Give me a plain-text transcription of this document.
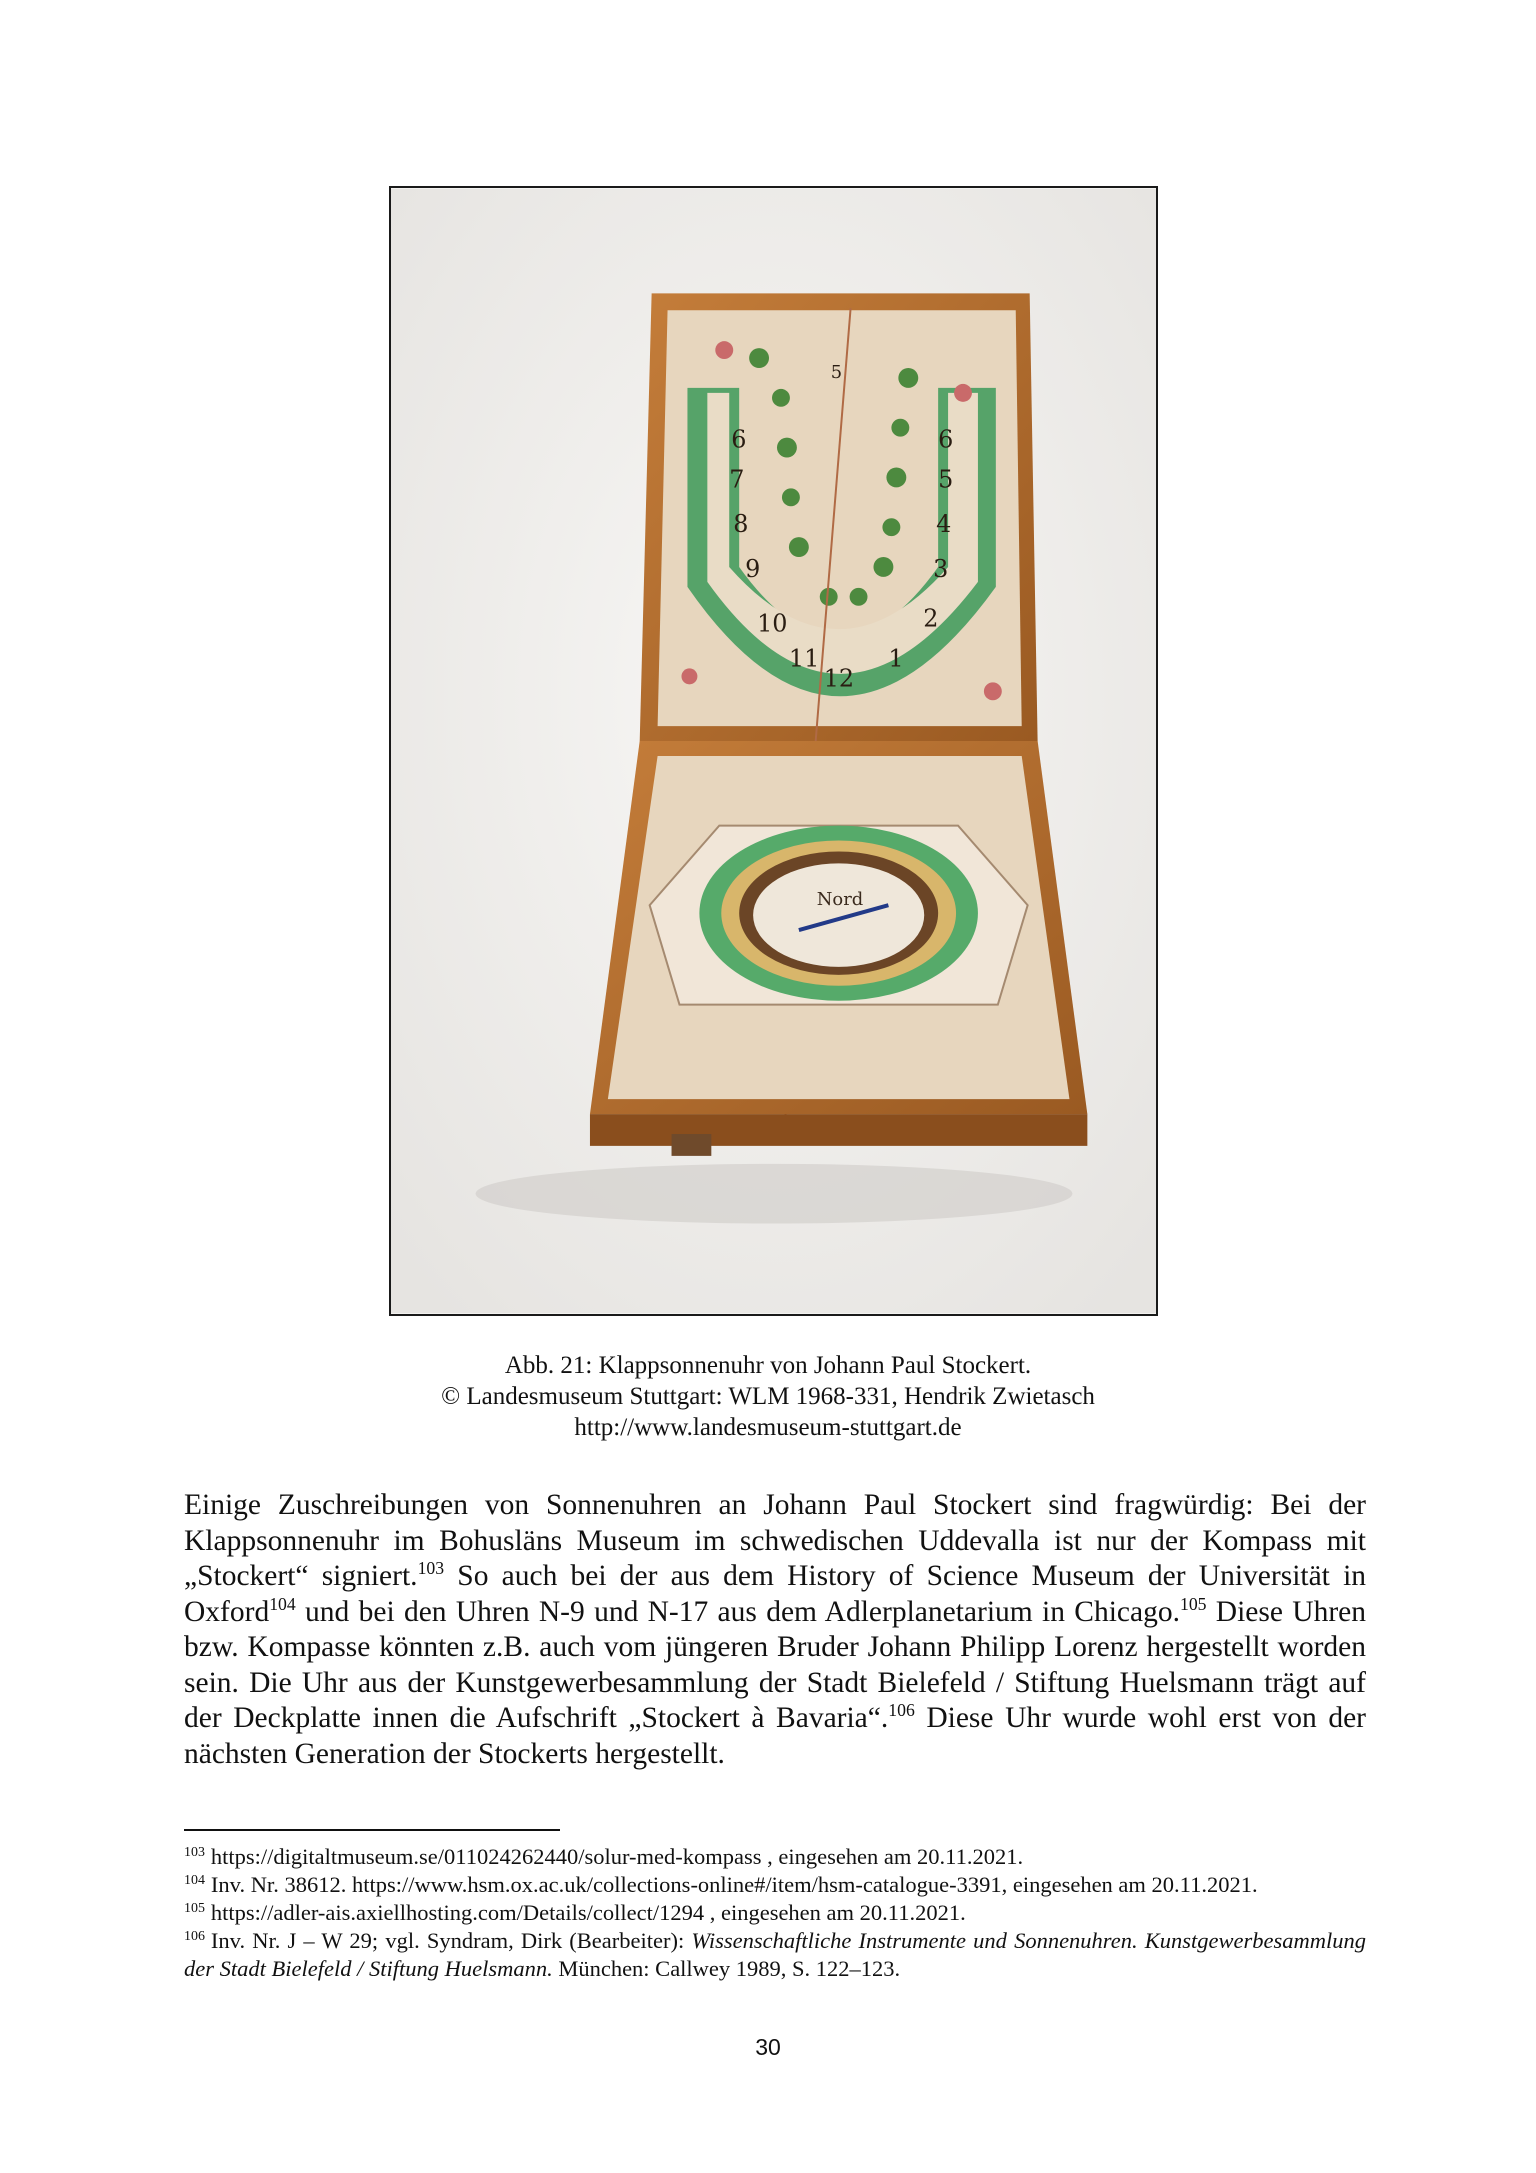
6
7
8
9
10
11
12
1
2
3
4
5
6
5
Nord
Abb. 21: Klappsonnenuhr von Johann Paul Stockert.
© Landesmuseum Stuttgart: WLM 1968-331, Hendrik Zwietasch
http://www.landesmuseum-stuttgart.de
Einige Zuschreibungen von Sonnenuhren an Johann Paul Stockert sind fragwürdig: Bei der Klappsonnenuhr im Bohusläns Museum im schwedischen Uddevalla ist nur der Kompass mit „Stockert“ signiert.$^{103}$ So auch bei der aus dem History of Science Museum der Universität in Oxford$^{104}$ und bei den Uhren N-9 und N-17 aus dem Adlerplanetarium in Chicago.$^{105}$ Diese Uhren bzw. Kompasse könnten z.B. auch vom jüngeren Bruder Johann Philipp Lorenz hergestellt worden sein. Die Uhr aus der Kunstgewerbesammlung der Stadt Bielefeld / Stiftung Huelsmann trägt auf der Deckplatte innen die Aufschrift „Stockert à Bavaria“.$^{106}$ Diese Uhr wurde wohl erst von der nächsten Generation der Stockerts hergestellt.
$^{103}$ https://digitaltmuseum.se/011024262440/solur-med-kompass , eingesehen am 20.11.2021.
$^{104}$ Inv. Nr. 38612. https://www.hsm.ox.ac.uk/collections-online#/item/hsm-catalogue-3391, eingesehen am 20.11.2021.
$^{105}$ https://adler-ais.axiellhosting.com/Details/collect/1294 , eingesehen am 20.11.2021.
$^{106}$ Inv. Nr. J – W 29; vgl. Syndram, Dirk (Bearbeiter): Wissenschaftliche Instrumente und Sonnenuhren. Kunstgewerbesammlung der Stadt Bielefeld / Stiftung Huelsmann. München: Callwey 1989, S. 122–123.
30
